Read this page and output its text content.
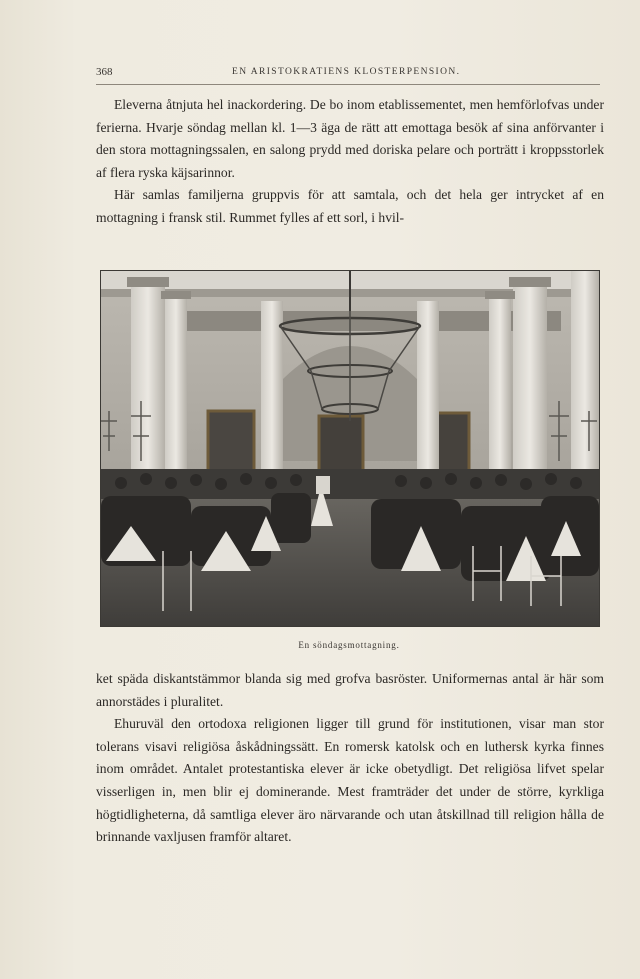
368	EN ARISTOKRATIENS KLOSTERPENSION.

Eleverna åtnjuta hel inackordering. De bo inom etablissementet, men hemförlofvas under ferierna. Hvarje söndag mellan kl. 1—3 äga de rätt att emottaga besök af sina anförvanter i den stora mottagningssalen, en salong prydd med doriska pelare och porträtt i kroppsstorlek af flera ryska käjsarinnor.

Här samlas familjerna gruppvis för att samtala, och det hela ger intrycket af en mottagning i fransk stil. Rummet fylles af ett sorl, i hvil-

En söndagsmottagning.

ket späda diskantstämmor blanda sig med grofva basröster. Uniformernas antal är här som annorstädes i pluralitet.

Ehuruväl den ortodoxa religionen ligger till grund för institutionen, visar man stor tolerans visavi religiösa åskådningssätt. En romersk katolsk och en luthersk kyrka finnes inom området. Antalet protestantiska elever är icke obetydligt. Det religiösa lifvet spelar visserligen in, men blir ej dominerande. Mest framträder det under de större, kyrkliga högtidligheterna, då samtliga elever äro närvarande och utan åtskillnad till religion hålla de brinnande vaxljusen framför altaret.
